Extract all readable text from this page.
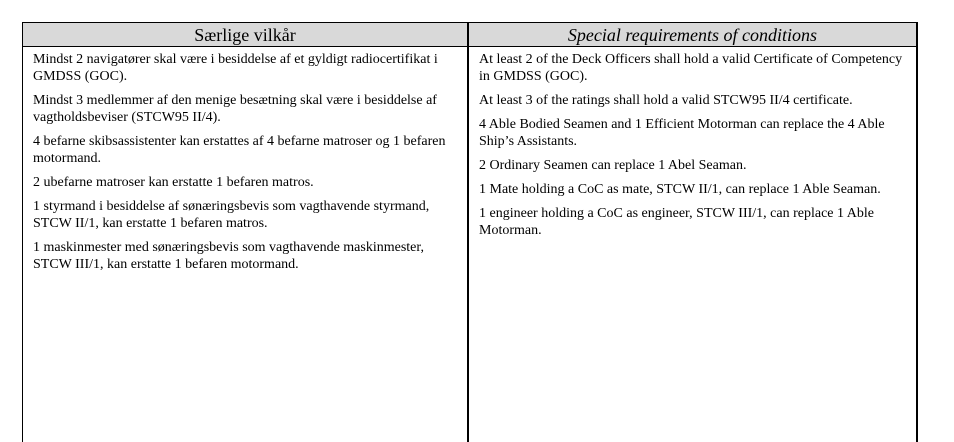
Særlige vilkår	Special requirements of conditions

Mindst 2 navigatører skal være i besiddelse af et gyldigt radiocertifikat i GMDSS (GOC).

Mindst 3 medlemmer af den menige besætning skal være i besiddelse af vagtholdsbeviser (STCW95 II/4).

4 befarne skibsassistenter kan erstattes af 4 befarne matroser og 1 befaren motormand.

2 ubefarne matroser kan erstatte 1 befaren matros.

1 styrmand i besiddelse af sønæringsbevis som vagthavende styrmand, STCW II/1, kan erstatte 1 befaren matros.

1 maskinmester med sønæringsbevis som vagthavende maskinmester, STCW III/1, kan erstatte 1 befaren motormand.

At least 2 of the Deck Officers shall hold a valid Certificate of Competency in GMDSS (GOC).

At least 3 of the ratings shall hold a valid STCW95 II/4 certificate.

4 Able Bodied Seamen and 1 Efficient Motorman can replace the 4 Able Ship’s Assistants.

2 Ordinary Seamen can replace 1 Abel Seaman.

1 Mate holding a CoC as mate, STCW II/1, can replace 1 Able Seaman.

1 engineer holding a CoC as engineer, STCW III/1, can replace 1 Able Motorman.
